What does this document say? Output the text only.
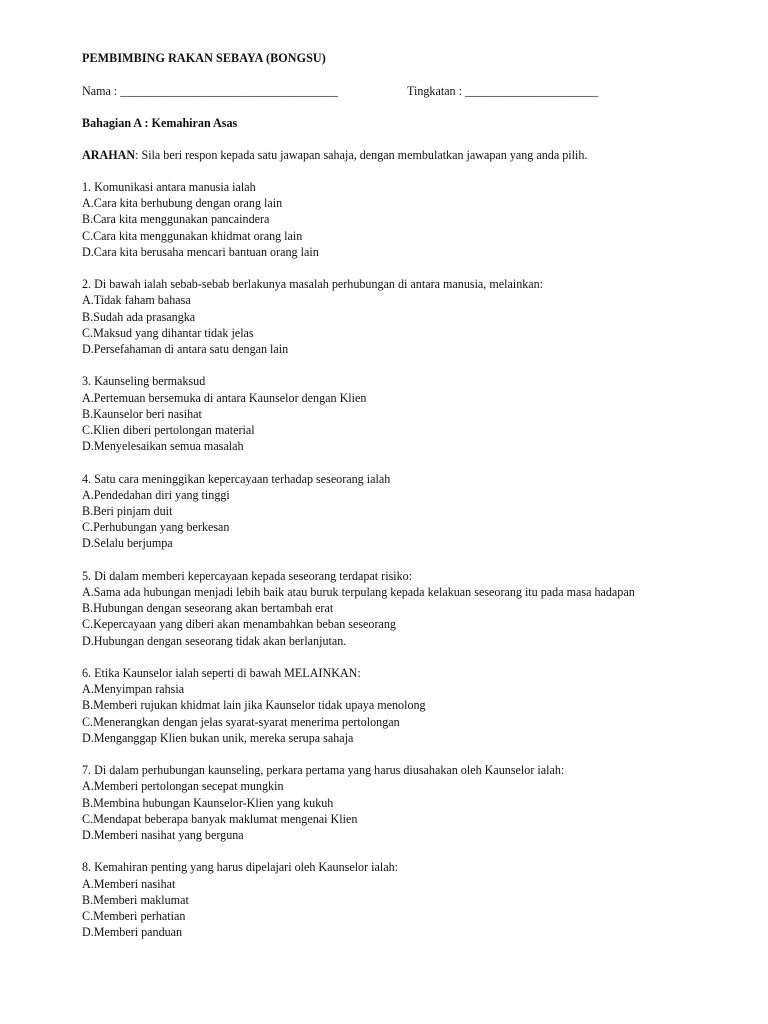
PEMBIMBING RAKAN SEBAYA (BONGSU)
Nama : ____________________________________	Tingkatan : ______________________
Bahagian A : Kemahiran Asas
ARAHAN: Sila beri respon kepada satu jawapan sahaja, dengan membulatkan jawapan yang anda pilih.
1. Komunikasi antara manusia ialah
A.Cara kita berhubung dengan orang lain
B.Cara kita menggunakan pancaindera
C.Cara kita menggunakan khidmat orang lain
D.Cara kita berusaha mencari bantuan orang lain
2. Di bawah ialah sebab-sebab berlakunya masalah perhubungan di antara manusia, melainkan:
A.Tidak faham bahasa
B.Sudah ada prasangka
C.Maksud yang dihantar tidak jelas
D.Persefahaman di antara satu dengan lain
3. Kaunseling bermaksud
A.Pertemuan bersemuka di antara Kaunselor dengan Klien
B.Kaunselor beri nasihat
C.Klien diberi pertolongan material
D.Menyelesaikan semua masalah
4. Satu cara meninggikan kepercayaan terhadap seseorang ialah
A.Pendedahan diri yang tinggi
B.Beri pinjam duit
C.Perhubungan yang berkesan
D.Selalu berjumpa
5. Di dalam memberi kepercayaan kepada seseorang terdapat risiko:
A.Sama ada hubungan menjadi lebih baik atau buruk terpulang kepada kelakuan seseorang itu pada masa hadapan
B.Hubungan dengan seseorang akan bertambah erat
C.Kepercayaan yang diberi akan menambahkan beban seseorang
D.Hubungan dengan seseorang tidak akan berlanjutan.
6. Etika Kaunselor ialah seperti di bawah MELAINKAN:
A.Menyimpan rahsia
B.Memberi rujukan khidmat lain jika Kaunselor tidak upaya menolong
C.Menerangkan dengan jelas syarat-syarat menerima pertolongan
D.Menganggap Klien bukan unik, mereka serupa sahaja
7. Di dalam perhubungan kaunseling, perkara pertama yang harus diusahakan oleh Kaunselor ialah:
A.Memberi pertolongan secepat mungkin
B.Membina hubungan Kaunselor-Klien yang kukuh
C.Mendapat beberapa banyak maklumat mengenai Klien
D.Memberi nasihat yang berguna
8. Kemahiran penting yang harus dipelajari oleh Kaunselor ialah:
A.Memberi nasihat
B.Memberi maklumat
C.Memberi perhatian
D.Memberi panduan
